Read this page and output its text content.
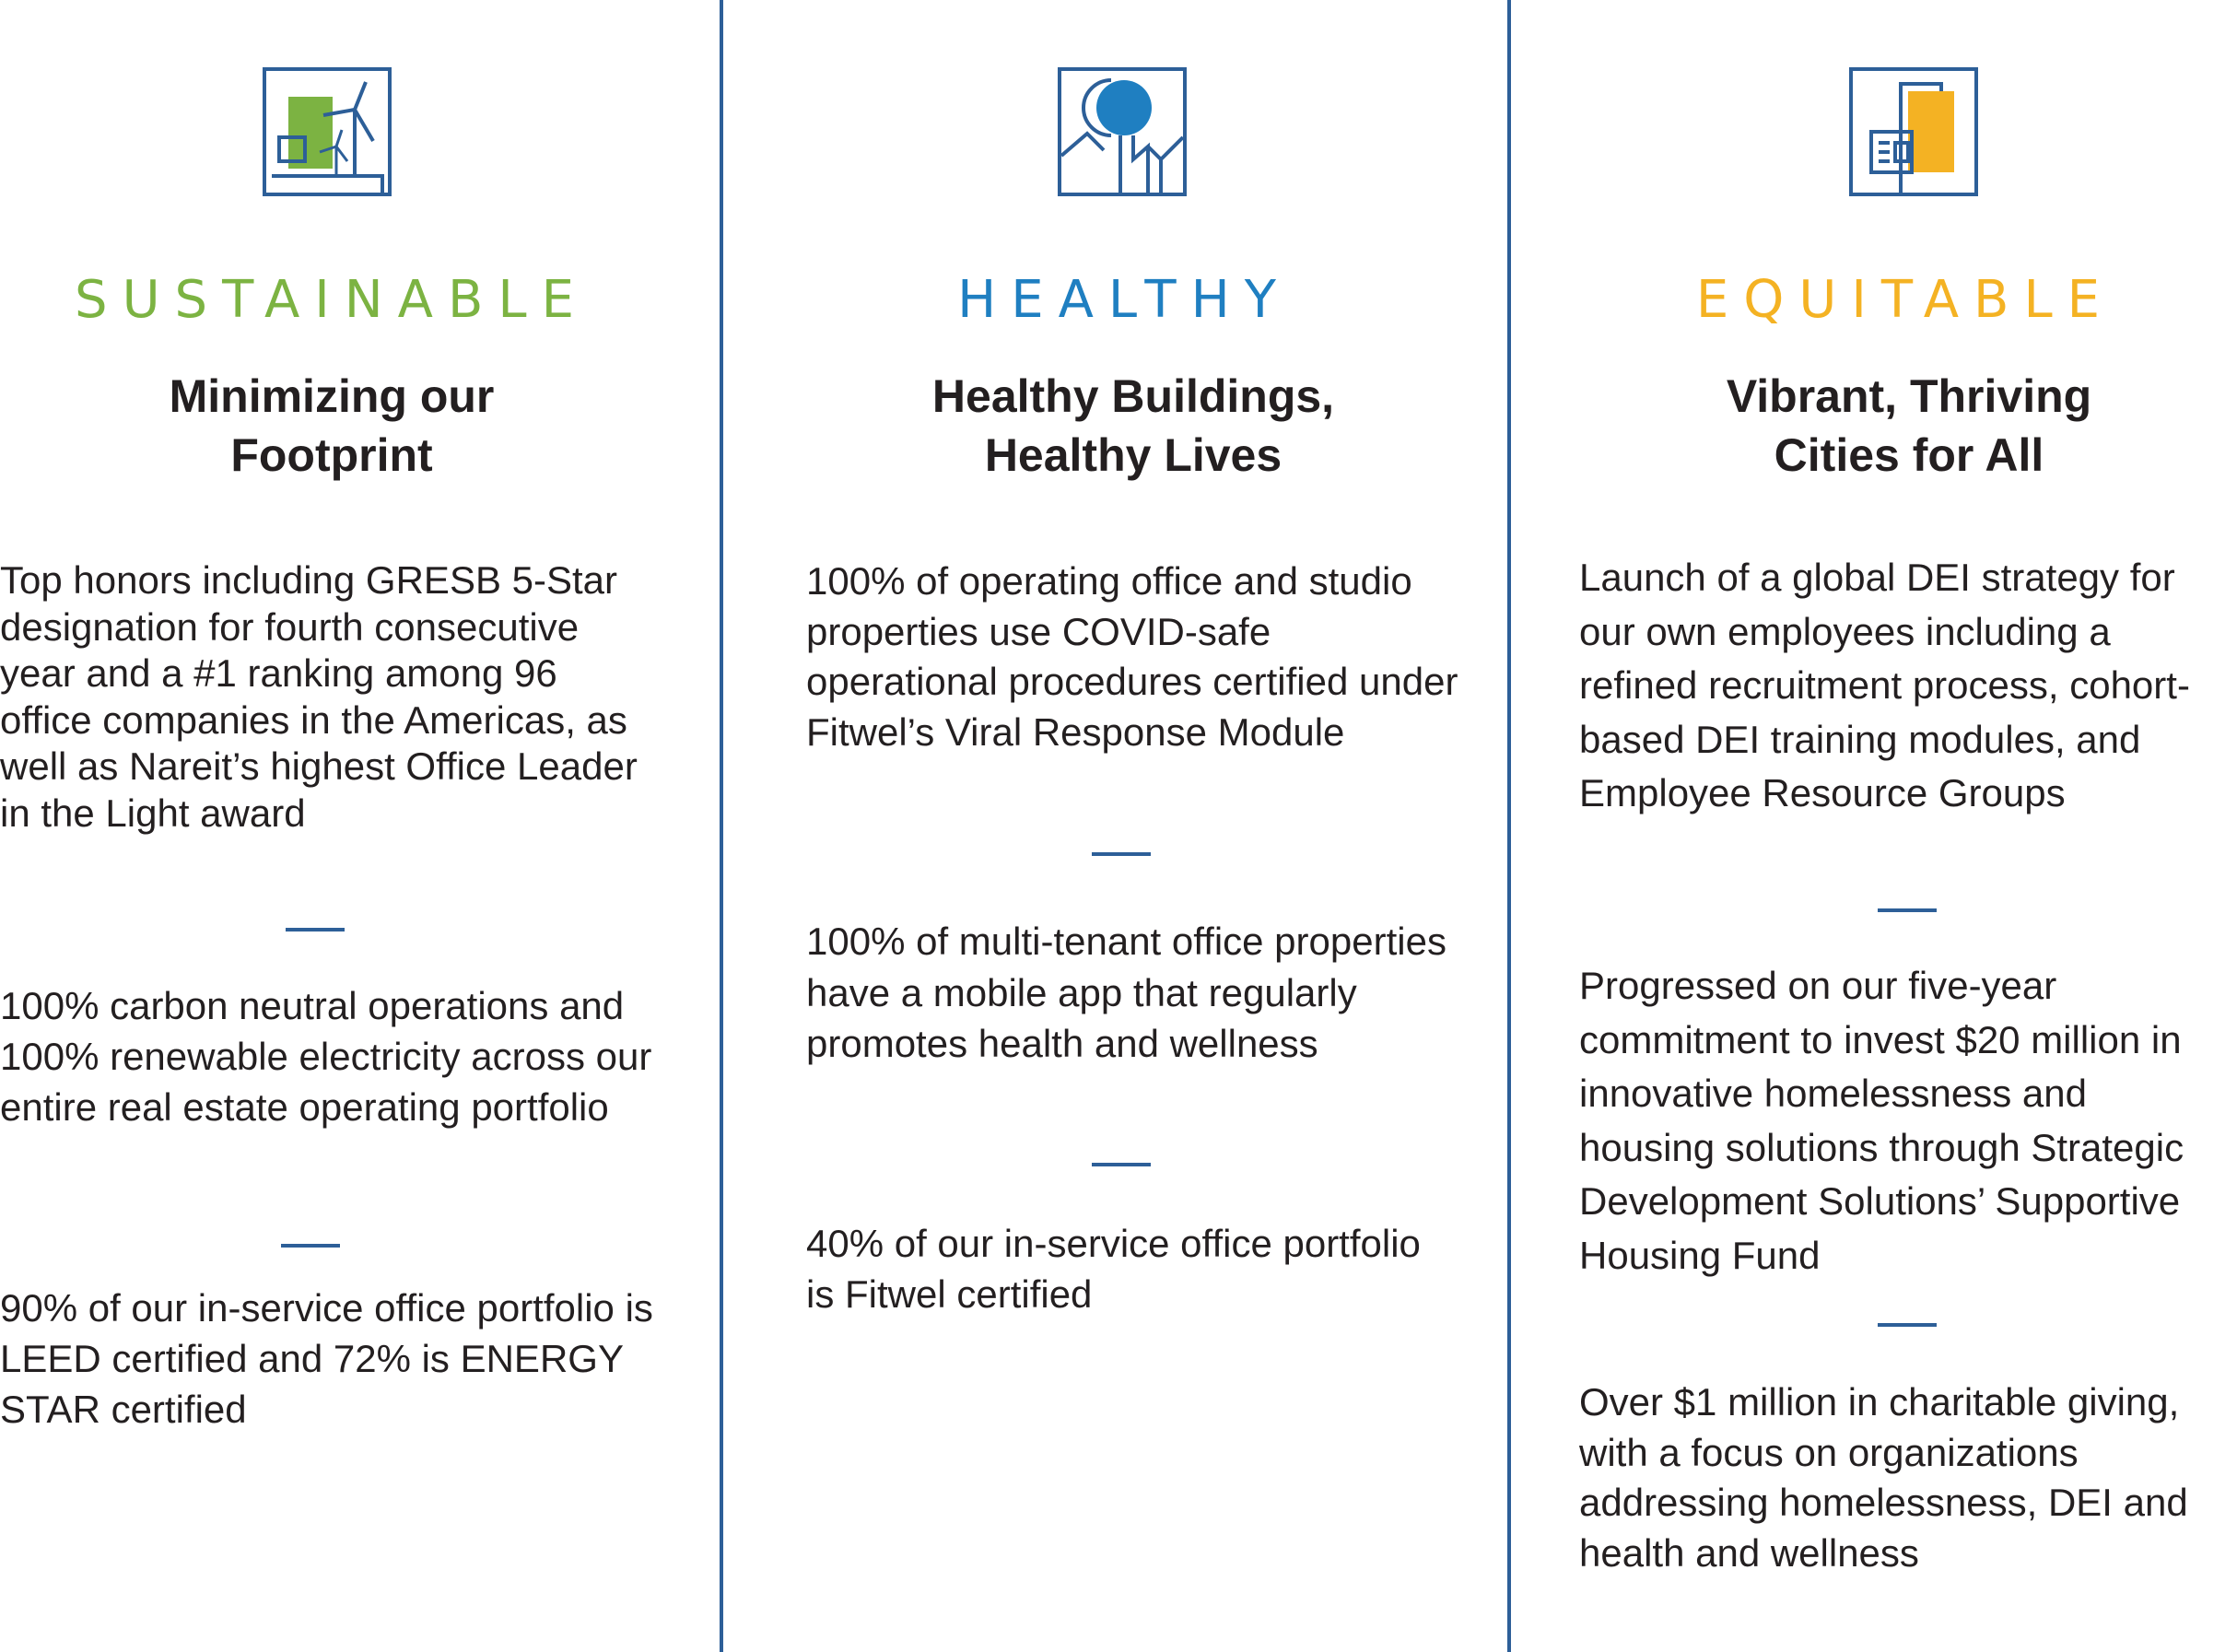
SUSTAINABLE
Minimizing our
Footprint

Top honors including GRESB 5-Star designation for fourth consecutive year and a #1 ranking among 96 office companies in the Americas, as well as Nareit’s highest Office Leader in the Light award

100% carbon neutral operations and 100% renewable electricity across our entire real estate operating portfolio

90% of our in-service office portfolio is LEED certified and 72% is ENERGY STAR certified

HEALTHY
Healthy Buildings,
Healthy Lives

100% of operating office and studio properties use COVID-safe operational procedures certified under Fitwel’s Viral Response Module

100% of multi-tenant office properties have a mobile app that regularly promotes health and wellness

40% of our in-service office portfolio is Fitwel certified

EQUITABLE
Vibrant, Thriving
Cities for All

Launch of a global DEI strategy for our own employees including a refined recruitment process, cohort-based DEI training modules, and Employee Resource Groups

Progressed on our five-year commitment to invest $20 million in innovative homelessness and housing solutions through Strategic Development Solutions’ Supportive Housing Fund

Over $1 million in charitable giving, with a focus on organizations addressing homelessness, DEI and health and wellness
